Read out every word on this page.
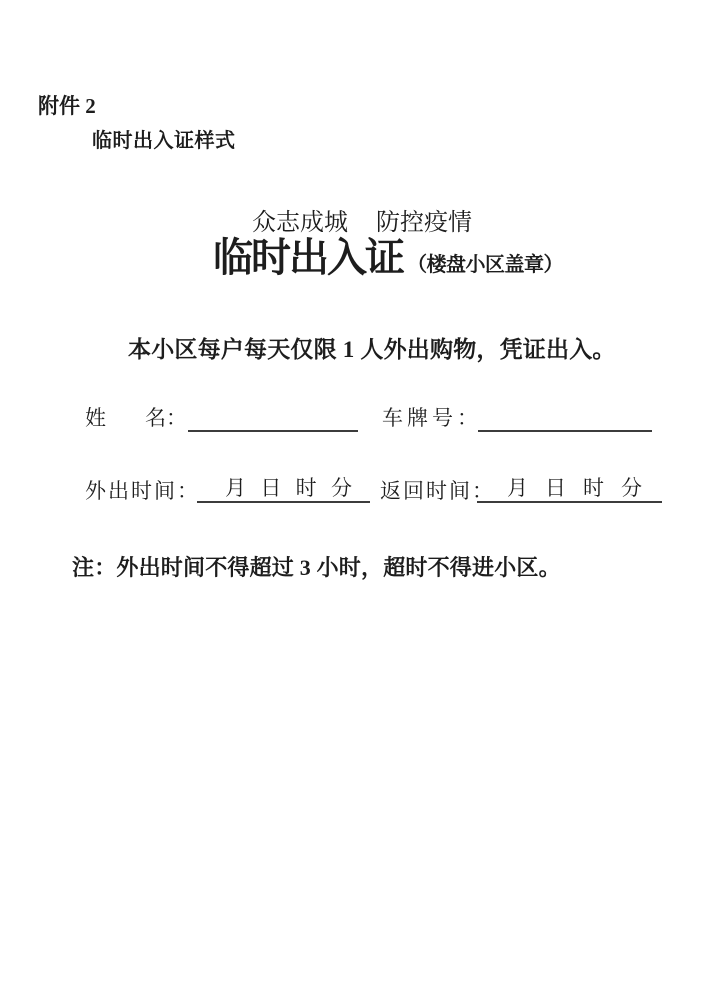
附件 2
临时出入证样式
众志成城 防控疫情
临时出入证 （楼盘小区盖章）
本小区每户每天仅限 1 人外出购物，凭证出入。
姓 名：	车牌号：
外出时间： 月 日 时 分 返回时间： 月 日 时 分
注：外出时间不得超过 3 小时，超时不得进小区。
